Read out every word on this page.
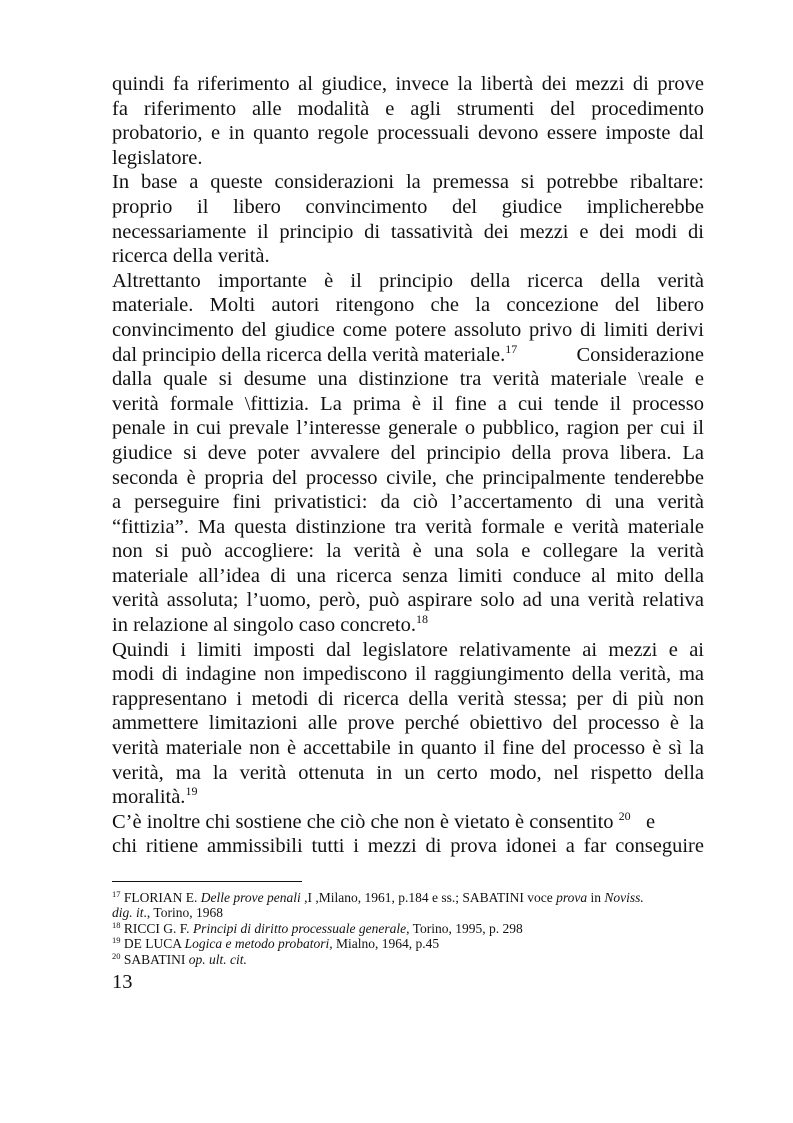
quindi fa riferimento al giudice, invece la libertà dei mezzi di prove
fa riferimento alle modalità e agli strumenti del procedimento
probatorio, e in quanto regole processuali devono essere imposte dal
legislatore.
In base a queste considerazioni la premessa si potrebbe ribaltare:
proprio il libero convincimento del giudice implicherebbe
necessariamente il principio di tassatività dei mezzi e dei modi di
ricerca della verità.
Altrettanto importante è il principio della ricerca della verità
materiale. Molti autori ritengono che la concezione del libero
convincimento del giudice come potere assoluto privo di limiti derivi
dal principio della ricerca della verità materiale.$^{17}$	Considerazione
dalla quale si desume una distinzione tra verità materiale \reale e
verità formale \fittizia. La prima è il fine a cui tende il processo
penale in cui prevale l’interesse generale o pubblico, ragion per cui il
giudice si deve poter avvalere del principio della prova libera. La
seconda è propria del processo civile, che principalmente tenderebbe
a perseguire fini privatistici: da ciò l’accertamento di una verità
“fittizia”. Ma questa distinzione tra verità formale e verità materiale
non si può accogliere: la verità è una sola e collegare la verità
materiale all’idea di una ricerca senza limiti conduce al mito della
verità assoluta; l’uomo, però, può aspirare solo ad una verità relativa
in relazione al singolo caso concreto.$^{18}$
Quindi i limiti imposti dal legislatore relativamente ai mezzi e ai
modi di indagine non impediscono il raggiungimento della verità, ma
rappresentano i metodi di ricerca della verità stessa; per di più non
ammettere limitazioni alle prove perché obiettivo del processo è la
verità materiale non è accettabile in quanto il fine del processo è sì la
verità, ma la verità ottenuta in un certo modo, nel rispetto della
moralità.$^{19}$
C’è inoltre chi sostiene che ciò che non è vietato è consentito $^{20}$ e
chi ritiene ammissibili tutti i mezzi di prova idonei a far conseguire
$^{17}$ FLORIAN E. Delle prove penali ,I ,Milano, 1961, p.184 e ss.; SABATINI voce prova in Noviss.
dig. it., Torino, 1968
$^{18}$ RICCI G. F. Principi di diritto processuale generale, Torino, 1995, p. 298
$^{19}$ DE LUCA Logica e metodo probatori, Mialno, 1964, p.45
$^{20}$ SABATINI op. ult. cit.
13
